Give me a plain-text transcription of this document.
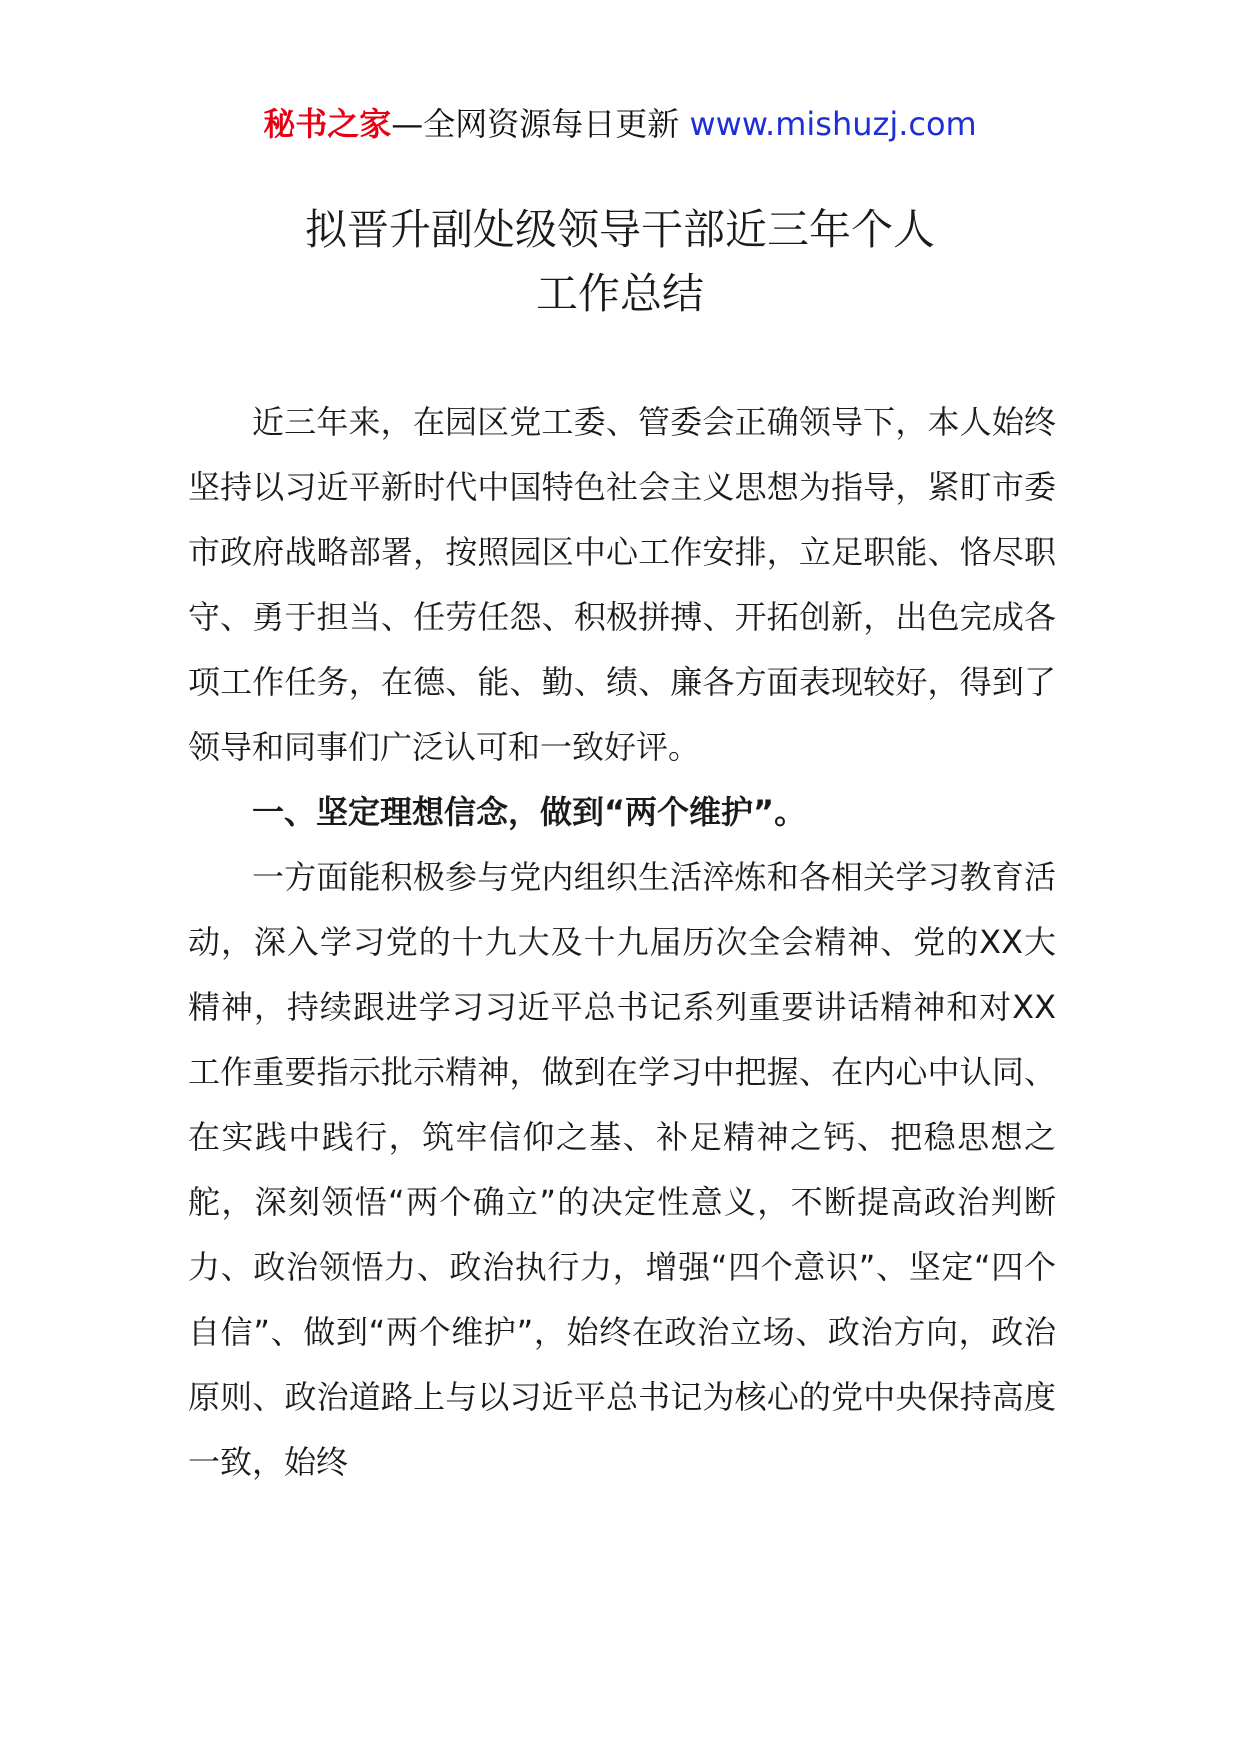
秘书之家—全网资源每日更新 www.mishuzj.com
拟晋升副处级领导干部近三年个人
工作总结

近三年来，在园区党工委、管委会正确领导下，本人始终坚持以习近平新时代中国特色社会主义思想为指导，紧盯市委市政府战略部署，按照园区中心工作安排，立足职能、恪尽职守、勇于担当、任劳任怨、积极拼搏、开拓创新，出色完成各项工作任务，在德、能、勤、绩、廉各方面表现较好，得到了领导和同事们广泛认可和一致好评。

一、坚定理想信念，做到“两个维护”。

一方面能积极参与党内组织生活淬炼和各相关学习教育活动，深入学习党的十九大及十九届历次全会精神、党的XX大精神，持续跟进学习习近平总书记系列重要讲话精神和对XX工作重要指示批示精神，做到在学习中把握、在内心中认同、在实践中践行，筑牢信仰之基、补足精神之钙、把稳思想之舵，深刻领悟“两个确立”的决定性意义，不断提高政治判断力、政治领悟力、政治执行力，增强“四个意识”、坚定“四个自信”、做到“两个维护”，始终在政治立场、政治方向，政治原则、政治道路上与以习近平总书记为核心的党中央保持高度一致，始终
